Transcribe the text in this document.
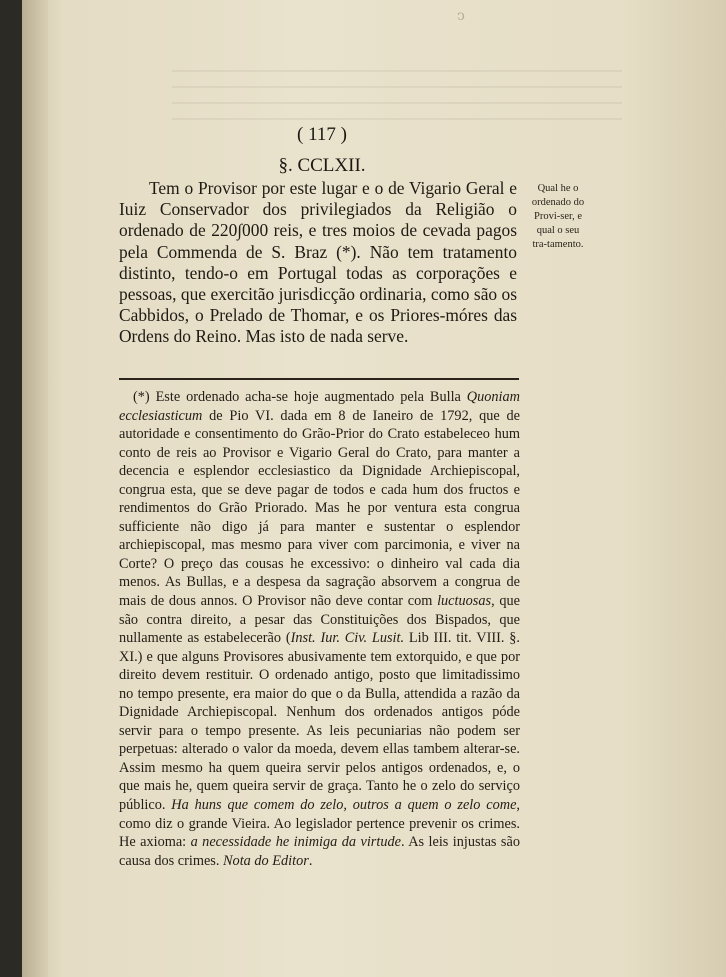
ↄ
( 117 )
§. CCLXII.

Tem o Provisor por este lugar e o de Vigario Geral e Iuiz Conservador dos privilegiados da Religião o ordenado de 220∫000 reis, e tres moios de cevada pagos pela Commenda de S. Braz (*). Não tem tratamento distinto, tendo-o em Portugal todas as corporações e pessoas, que exercitão jurisdicção ordinaria, como são os Cabbidos, o Prelado de Thomar, e os Priores-móres das Ordens do Reino. Mas isto de nada serve.

Qual he o ordenado do Provi-ser, e qual o seu tra-tamento.

(*) Este ordenado acha-se hoje augmentado pela Bulla Quoniam ecclesiasticum de Pio VI. dada em 8 de Ianeiro de 1792, que de autoridade e consentimento do Grão-Prior do Crato estabeleceo hum conto de reis ao Provisor e Vigario Geral do Crato, para manter a decencia e esplendor ecclesiastico da Dignidade Archiepiscopal, congrua esta, que se deve pagar de todos e cada hum dos fructos e rendimentos do Grão Priorado. Mas he por ventura esta congrua sufficiente não digo já para manter e sustentar o esplendor archiepiscopal, mas mesmo para viver com parcimonia, e viver na Corte? O preço das cousas he excessivo: o dinheiro val cada dia menos. As Bullas, e a despesa da sagração absorvem a congrua de mais de dous annos. O Provisor não deve contar com luctuosas, que são contra direito, a pesar das Constituições dos Bispados, que nullamente as estabelecerão (Inst. Iur. Civ. Lusit. Lib III. tit. VIII. §. XI.) e que alguns Provisores abusivamente tem extorquido, e que por direito devem restituir. O ordenado antigo, posto que limitadissimo no tempo presente, era maior do que o da Bulla, attendida a razão da Dignidade Archiepiscopal. Nenhum dos ordenados antigos póde servir para o tempo presente. As leis pecuniarias não podem ser perpetuas: alterado o valor da moeda, devem ellas tambem alterar-se. Assim mesmo ha quem queira servir pelos antigos ordenados, e, o que mais he, quem queira servir de graça. Tanto he o zelo do serviço público. Ha huns que comem do zelo, outros a quem o zelo come, como diz o grande Vieira. Ao legislador pertence prevenir os crimes. He axioma: a necessidade he inimiga da virtude. As leis injustas são causa dos crimes. Nota do Editor.
